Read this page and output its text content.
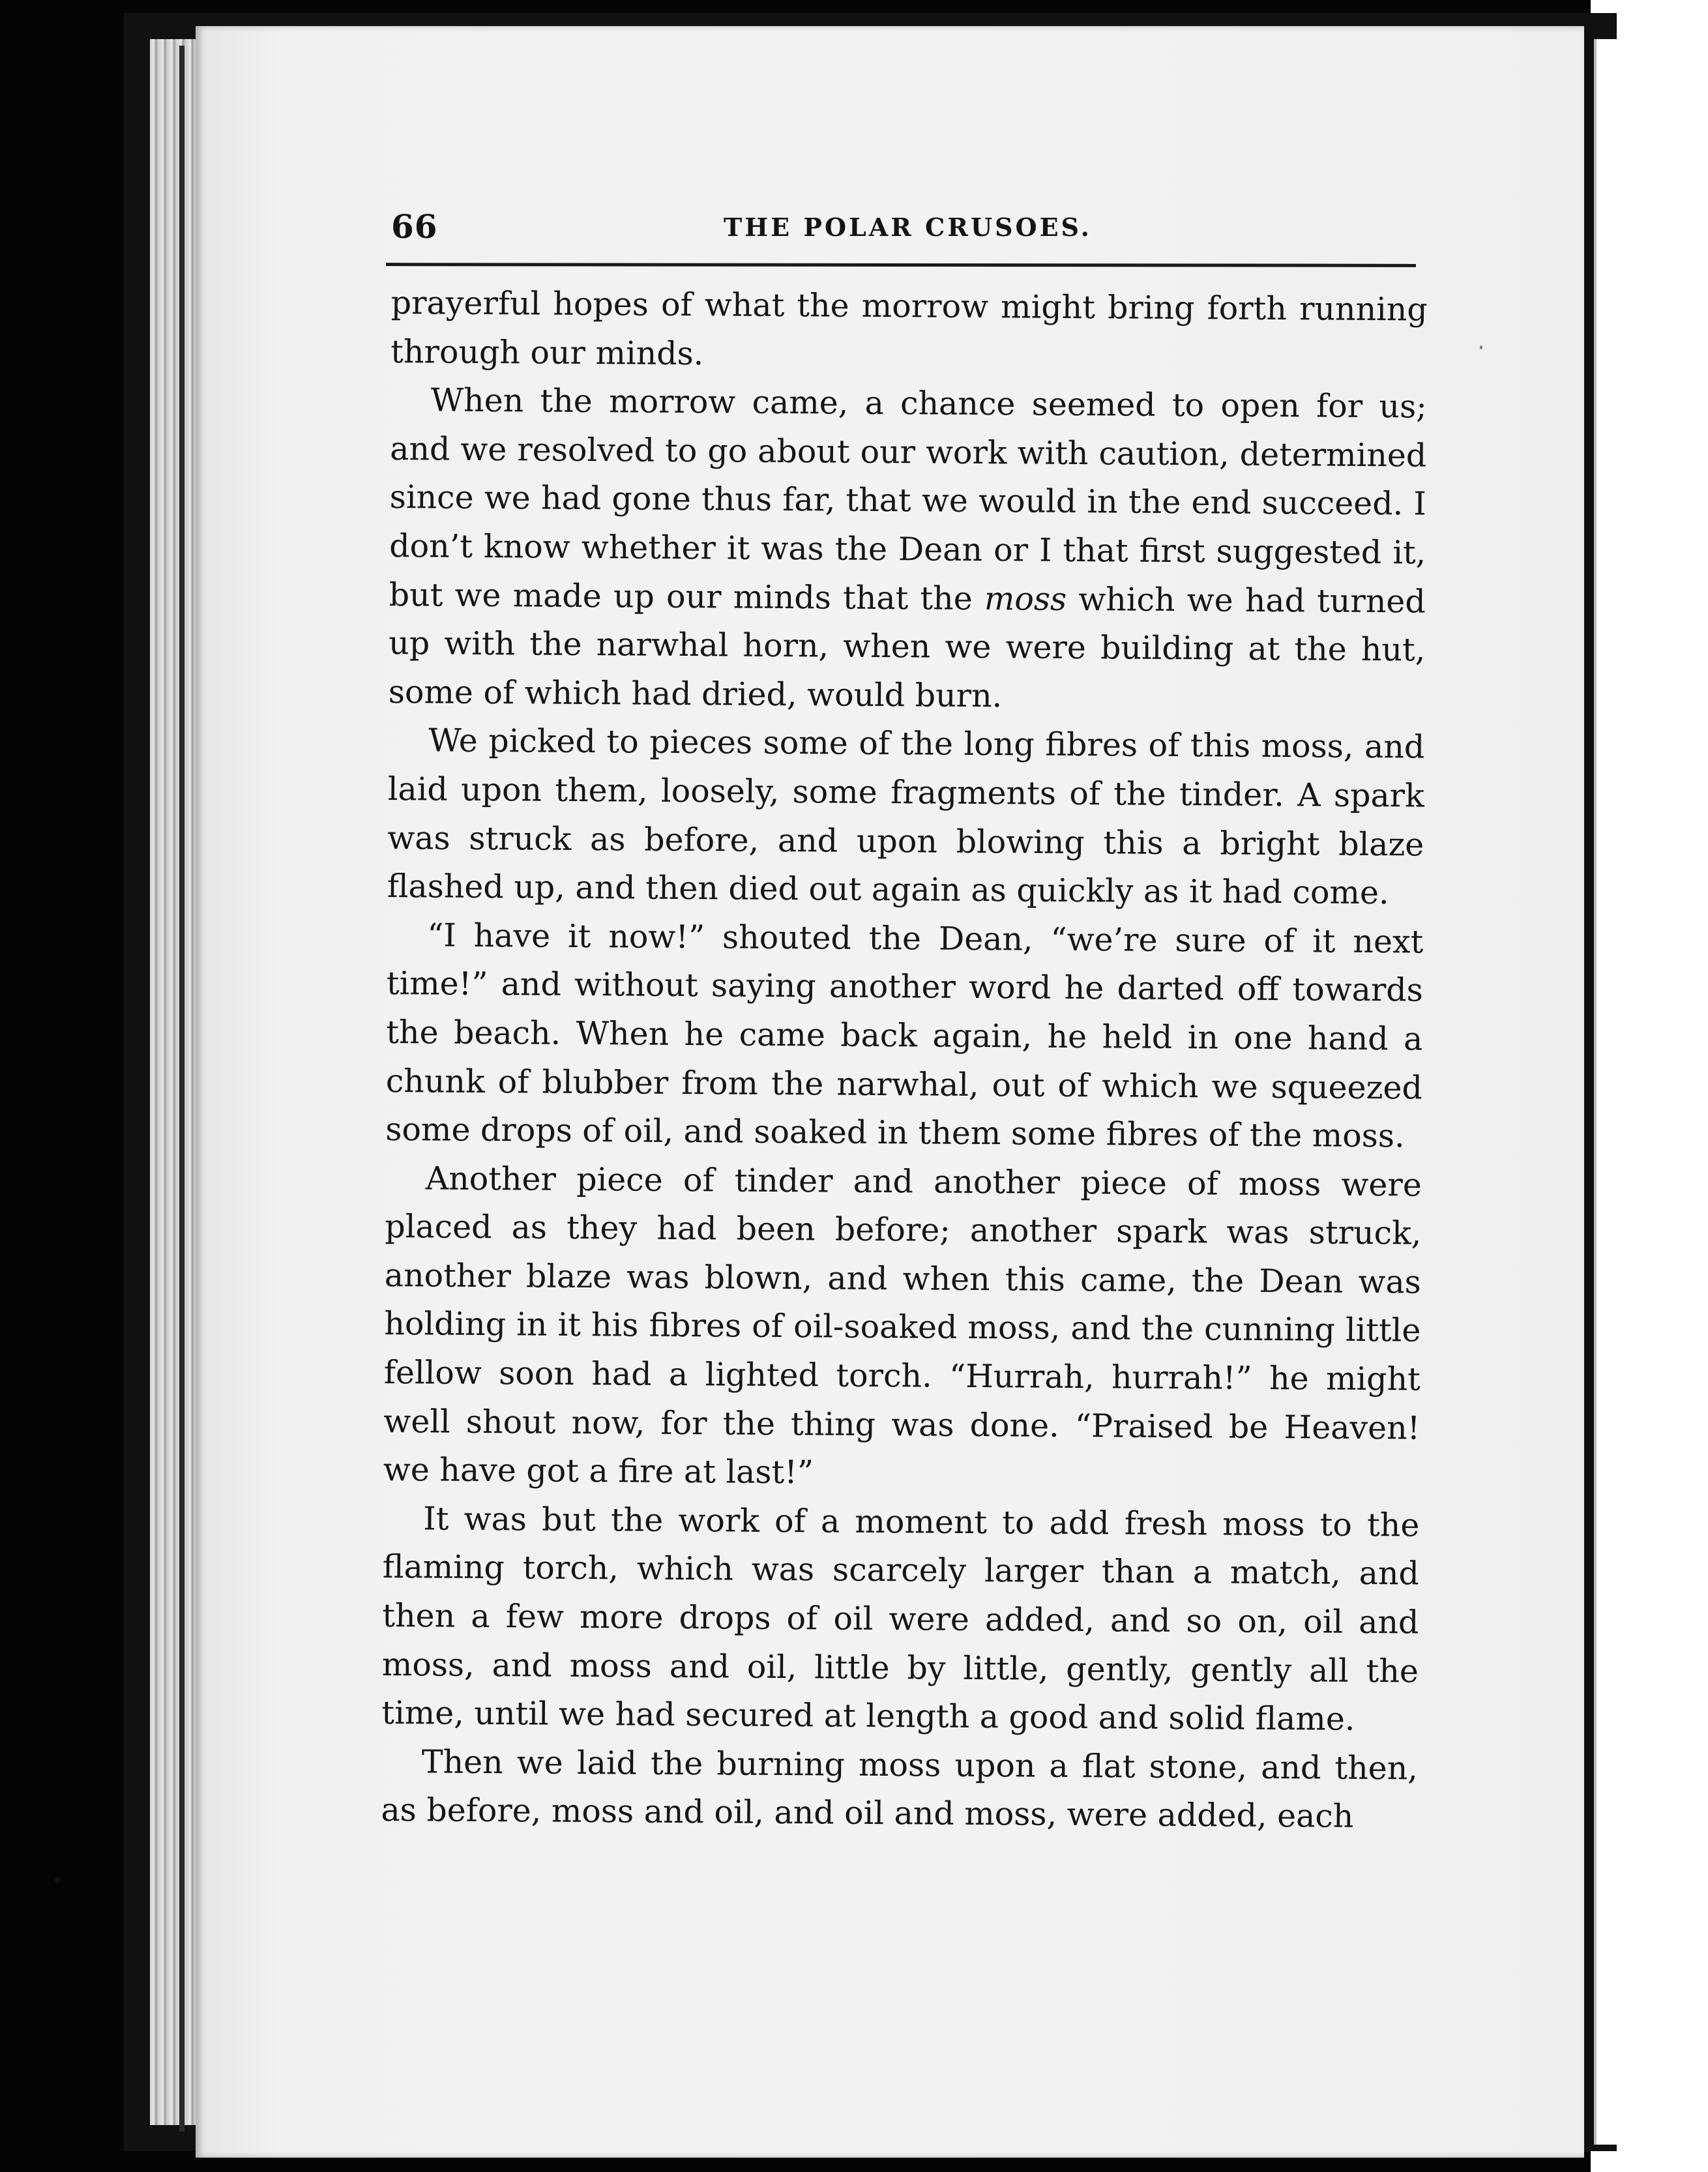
66	THE POLAR CRUSOES.

prayerful hopes of what the morrow might bring forth running through our minds.

When the morrow came, a chance seemed to open for us; and we resolved to go about our work with caution, determined since we had gone thus far, that we would in the end succeed. I don’t know whether it was the Dean or I that first suggested it, but we made up our minds that the moss which we had turned up with the narwhal horn, when we were building at the hut, some of which had dried, would burn.

We picked to pieces some of the long fibres of this moss, and laid upon them, loosely, some fragments of the tinder. A spark was struck as before, and upon blowing this a bright blaze flashed up, and then died out again as quickly as it had come.

“I have it now!” shouted the Dean, “we’re sure of it next time!” and without saying another word he darted off towards the beach. When he came back again, he held in one hand a chunk of blubber from the narwhal, out of which we squeezed some drops of oil, and soaked in them some fibres of the moss.

Another piece of tinder and another piece of moss were placed as they had been before; another spark was struck, another blaze was blown, and when this came, the Dean was holding in it his fibres of oil-soaked moss, and the cunning little fellow soon had a lighted torch. “Hurrah, hurrah!” he might well shout now, for the thing was done. “Praised be Heaven! we have got a fire at last!”

It was but the work of a moment to add fresh moss to the flaming torch, which was scarcely larger than a match, and then a few more drops of oil were added, and so on, oil and moss, and moss and oil, little by little, gently, gently all the time, until we had secured at length a good and solid flame.

Then we laid the burning moss upon a flat stone, and then, as before, moss and oil, and oil and moss, were added, each
